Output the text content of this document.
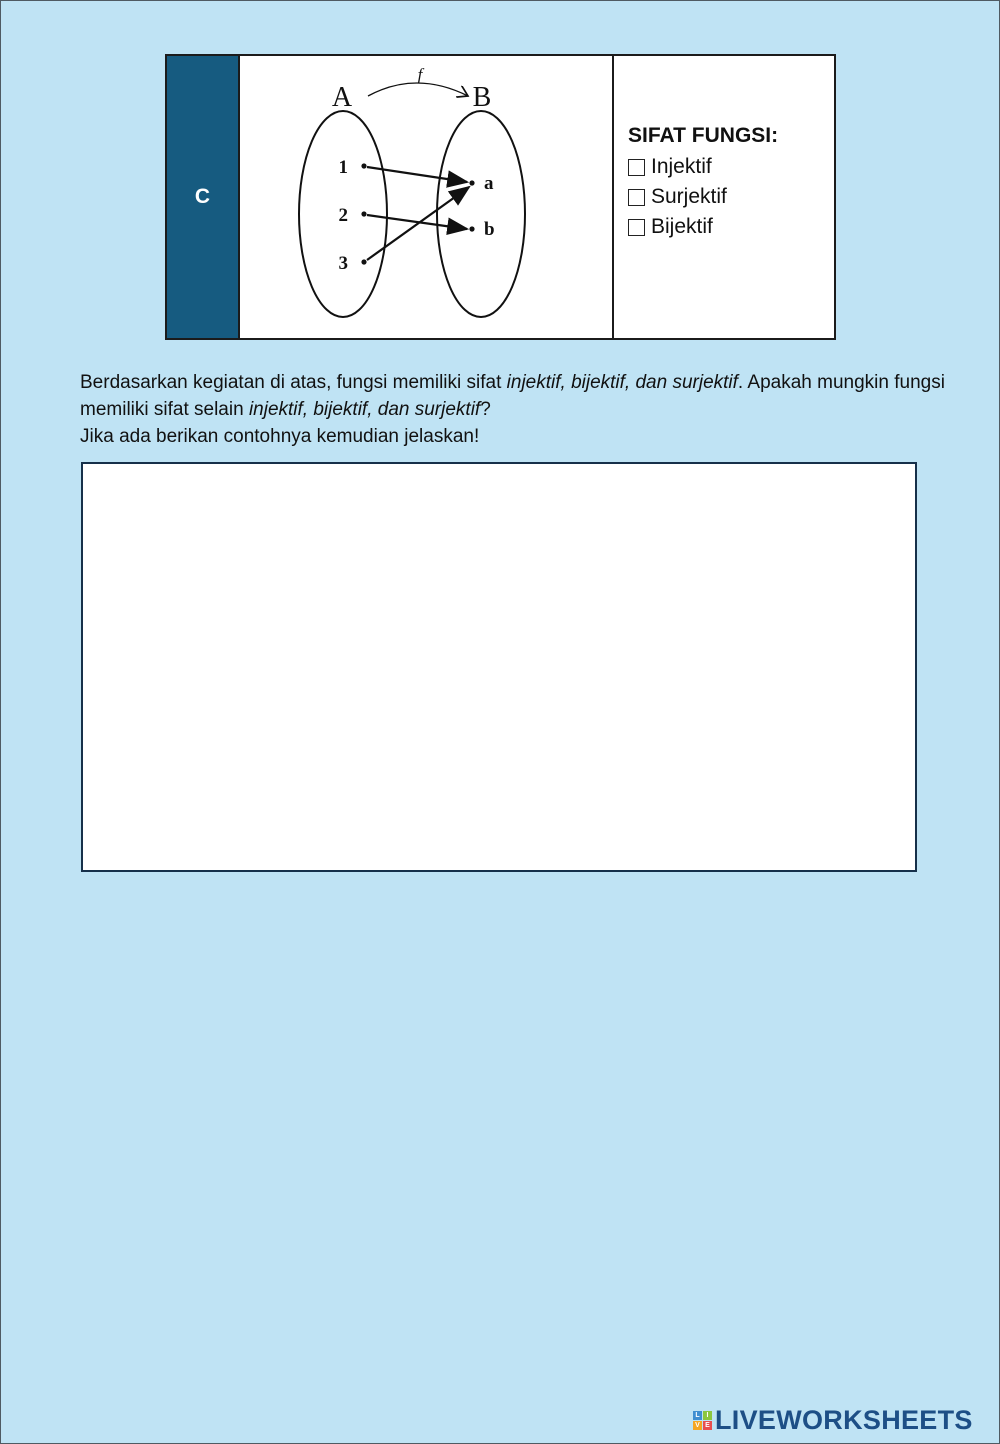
C
A	B
f
1
2
3
a
b
SIFAT FUNGSI:
Injektif
Surjektif
Bijektif
Berdasarkan kegiatan di atas, fungsi memiliki sifat injektif, bijektif, dan surjektif. Apakah mungkin fungsi memiliki sifat selain injektif, bijektif, dan surjektif?
Jika ada berikan contohnya kemudian jelaskan!
L I
V E LIVEWORKSHEETS
